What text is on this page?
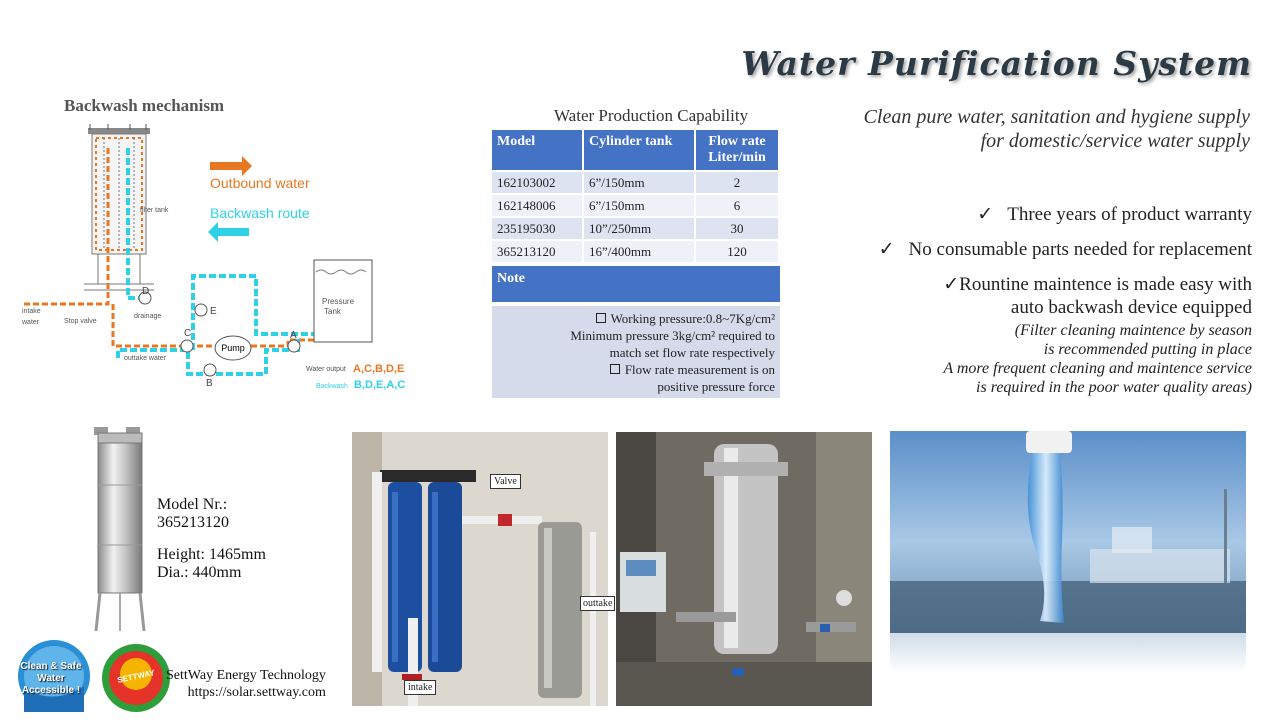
Water Purification System
Clean pure water, sanitation and hygiene supply
for domestic/service water supply
✓ Three years of product warranty
✓ No consumable parts needed for replacement
✓Rountine maintence is made easy with
auto backwash device equipped
(Filter cleaning maintence by season
is recommended putting in place
A more frequent cleaning and maintence service
is required in the poor water quality areas)
Backwash mechanism
Pump
D
E
C
B
A
Pressure
Tank
intake
water	Stop valve
drainage
outtake water
filter tank
Water output
Backwash
A,C,B,D,E
B,D,E,A,C
Outbound water
Backwash route
Water Production Capability
Model	Cylinder tank	Flow rate Liter/min
162103002	6”/150mm	2
162148006	6”/150mm	6
235195030	10”/250mm	30
365213120	16”/400mm	120
Note
Working pressure:0.8~7Kg/cm²
Minimum pressure 3kg/cm² required to
match set flow rate respectively
Flow rate measurement is on
positive pressure force
Model Nr.:
365213120
Height: 1465mm
Dia.: 440mm
Valve
outtake
intake
Clean & Safe Water
Accessible !
SETTWAY SettWay Energy Technology
https://solar.settway.com
